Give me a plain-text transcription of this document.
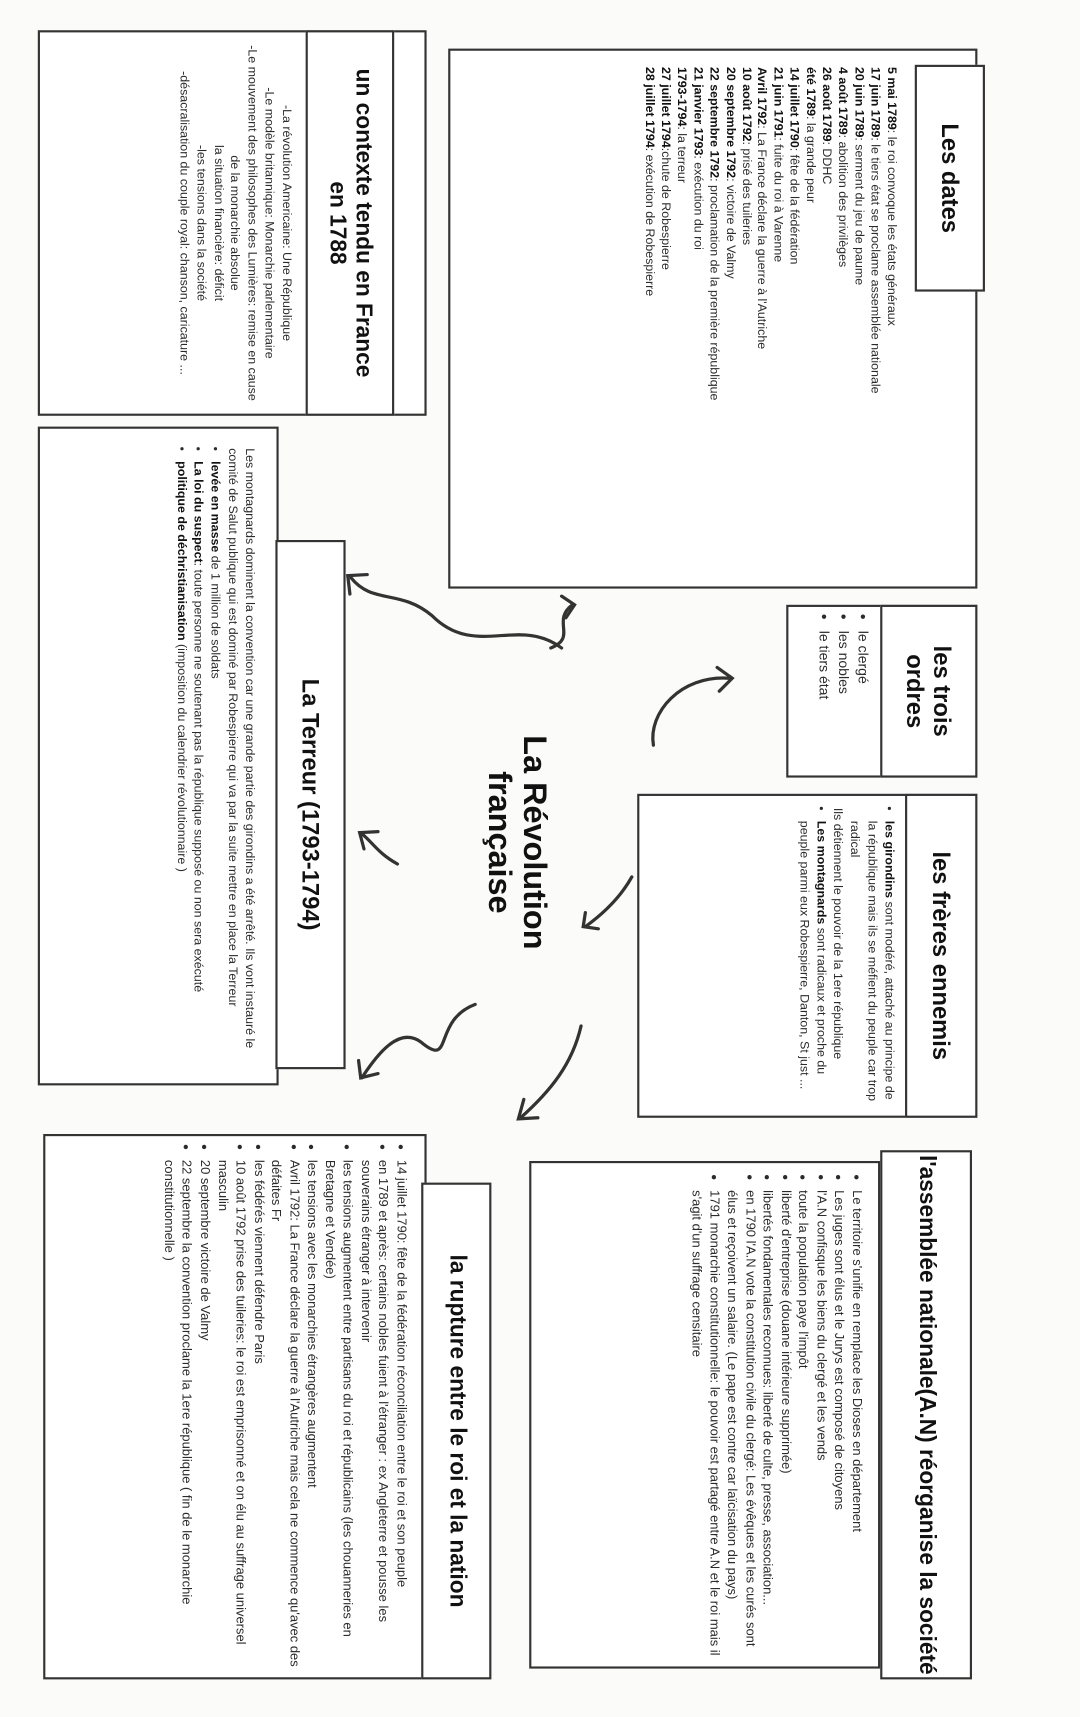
La Révolution
française
un contexte tendu en France en 1788
-La révolution Americaine: Une République
-Le modèle britannique: Monarchie parlementaire
-Le mouvement des philosophes des Lumières: remise en cause de la monarchie absolue
la situation financière: déficit
-les tensions dans la société
-désacralisation du couple royal: chanson, caricature ...	Les dates
5 mai 1789: le roi convoque les états généraux
17 juin 1789: le tiers état se proclame assemblée nationale
20 juin 1789: serment du jeu de paume
4 août 1789: abolition des privilèges
26 août 1789: DDHC
été 1789: la grande peur
14 juillet 1790: fête de la fédération
21 juin 1791: fuite du roi à Varenne
Avril 1792: La France déclare la guerre à l'Autriche
10 août 1792: prisé des tuileries
20 septembre 1792: victoire de Valmy
22 septembre 1792: proclamation de la première république
21 janvier 1793: exécution du roi
1793-1794: la terreur
27 juillet 1794:chute de Robespierre
28 juillet 1794: exécution de Robespierre
La Terreur (1793-1794)
Les montagnards dominent la convention car une grande partie des girondins a été arrêté. Ils vont instauré le comité de Salut publique qui est dominé par Robespierre qui va par la suite mettre en place la Terreur
• levée en masse de 1 million de soldats
• La loi du suspect: toute personne ne soutenant pas la république supposé ou non sera exécuté
• politique de déchristianisation (imposition du calendrier révolutionnaire )	les trois ordres
• le clergé
• les nobles
• le tiers état
les frères ennemis
• les girondins sont modéré, attaché au principe de la république mais ils se méfient du peuple car trop radical
Ils détiennent le pouvoir de la 1ere république
• Les montagnards sont radicaux et proche du peuple parmi eux Robespierre, Danton, St just ...
l'assemblée nationale(A.N) réorganise la société
• Le territoire s'unifie en remplace les Dioses en département
• Les juges sont élus et le Jurys est composé de citoyens
• l'A.N confisque les biens du clergé et les vends
• toute la population paye l'impôt
• liberté d'entreprise (douane intérieure supprimée)
• libertés fondamentales reconnues: liberté de culte, presse, association...
• en 1790 l'A.N vote la constitution civile du clergé: Les évêques et les curés sont élus et reçoivent un salaire. (Le pape est contre car laïcisation du pays)
• 1791 monarchie constitutionnelle: le pouvoir est partagé entre A.N et le roi mais il s'agit d'un suffrage censitaire
la rupture entre le roi et la nation
• 14 juillet 1790: fête de la fédération réconciliation entre le roi et son peuple
• en 1789 et après: certains nobles fuient à l'étranger : ex Angleterre et pousse les souverains étranger à intervenir
• les tensions augmentent entre partisans du roi et républicains (les chouanneries en Bretagne et Vendée)
• les tensions avec les monarchies étrangères augmentent
• Avril 1792: La France déclare la guerre à l'Autriche mais cela ne commence qu'avec des défaites Fr
• les fédérés viennent défendre Paris
• 10 août 1792 prise des tuileries: le roi est emprisonné et on élu au suffrage universel masculin
• 20 septembre victoire de Valmy
• 22 septembre la convention proclame la 1ere république ( fin de le monarchie constitutionnelle )
